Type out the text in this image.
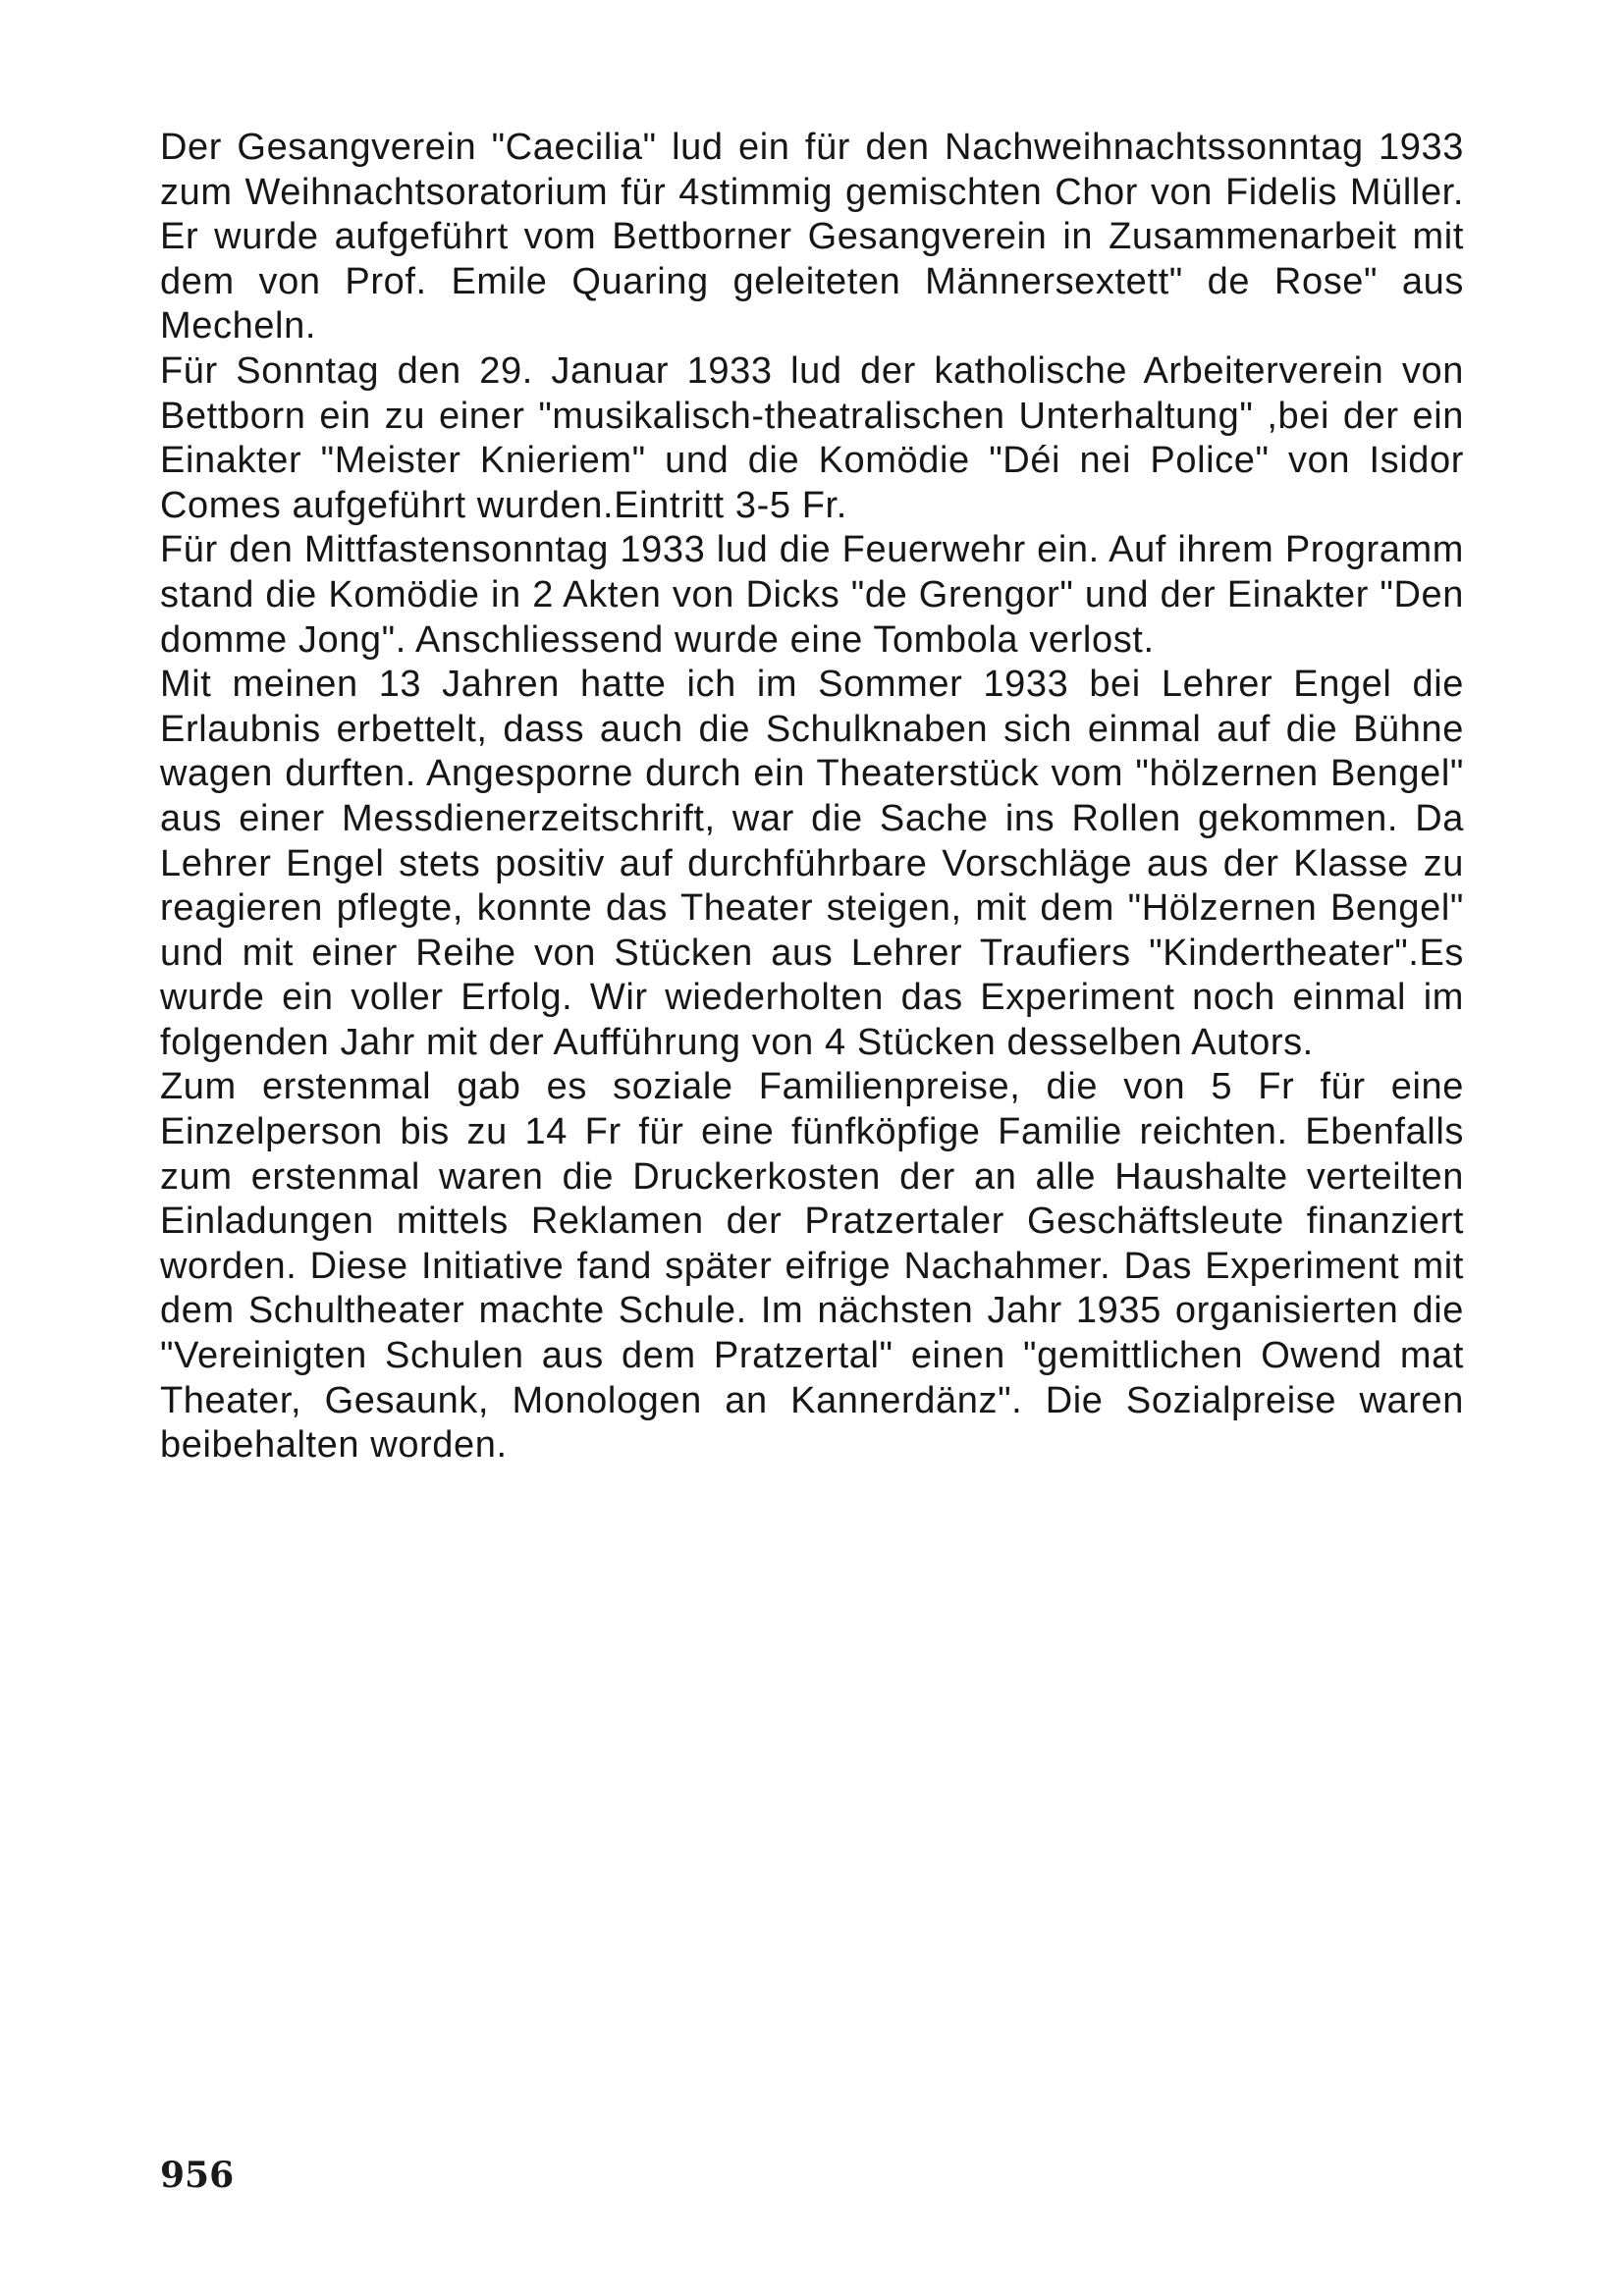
Der Gesangverein "Caecilia" lud ein für den Nachweihnachtssonntag 1933 zum Weihnachtsoratorium für 4stimmig gemischten Chor von Fidelis Müller. Er wurde aufgeführt vom Bettborner Gesangverein in Zusammenarbeit mit dem von Prof. Emile Quaring geleiteten Männersextett" de Rose" aus Mecheln.

Für Sonntag den 29. Januar 1933 lud der katholische Arbeiterverein von Bettborn ein zu einer "musikalisch-theatralischen Unterhaltung" ,bei der ein Einakter "Meister Knieriem" und die Komödie "Déi nei Police" von Isidor Comes aufgeführt wurden.Eintritt 3-5 Fr.

Für den Mittfastensonntag 1933 lud die Feuerwehr ein. Auf ihrem Programm stand die Komödie in 2 Akten von Dicks "de Grengor" und der Einakter "Den domme Jong". Anschliessend wurde eine Tombola verlost.

Mit meinen 13 Jahren hatte ich im Sommer 1933 bei Lehrer Engel die Erlaubnis erbettelt, dass auch die Schulknaben sich einmal auf die Bühne wagen durften. Angesporne durch ein Theaterstück vom "hölzernen Bengel" aus einer Messdienerzeitschrift, war die Sache ins Rollen gekommen. Da Lehrer Engel stets positiv auf durchführbare Vorschläge aus der Klasse zu reagieren pflegte, konnte das Theater steigen, mit dem "Hölzernen Bengel" und mit einer Reihe von Stücken aus Lehrer Traufiers "Kindertheater".Es wurde ein voller Erfolg. Wir wiederholten das Experiment noch einmal im folgenden Jahr mit der Aufführung von 4 Stücken desselben Autors.

Zum erstenmal gab es soziale Familienpreise, die von 5 Fr für eine Einzelperson bis zu 14 Fr für eine fünfköpfige Familie reichten. Ebenfalls zum erstenmal waren die Druckerkosten der an alle Haushalte verteilten Einladungen mittels Reklamen der Pratzertaler Geschäftsleute finanziert worden. Diese Initiative fand später eifrige Nachahmer. Das Experiment mit dem Schultheater machte Schule. Im nächsten Jahr 1935 organisierten die "Vereinigten Schulen aus dem Pratzertal" einen "gemittlichen Owend mat Theater, Gesaunk, Monologen an Kannerdänz". Die Sozialpreise waren beibehalten worden.

956
